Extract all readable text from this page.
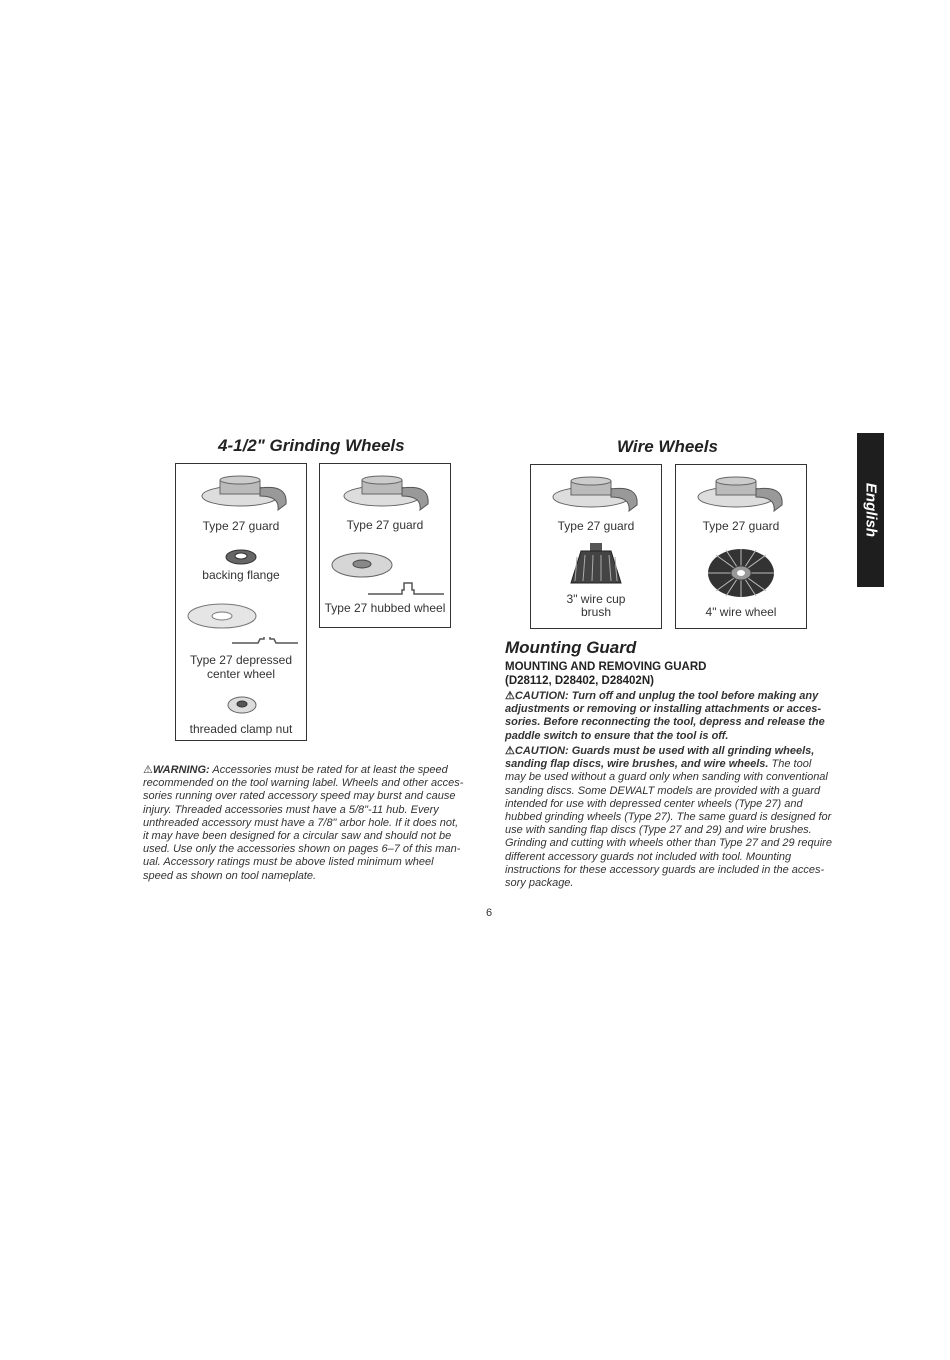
4-1/2" Grinding Wheels	Wire Wheels
English
Type 27 guard
backing flange
Type 27 depressed
center wheel
threaded clamp nut
Type 27 guard
Type 27 hubbed wheel
Type 27 guard
3" wire cup
brush
Type 27 guard
4" wire wheel
⚠WARNING: Accessories must be rated for at least the speed
recommended on the tool warning label. Wheels and other acces-
sories running over rated accessory speed may burst and cause
injury. Threaded accessories must have a 5/8"-11 hub. Every
unthreaded accessory must have a 7/8" arbor hole. If it does not,
it may have been designed for a circular saw and should not be
used. Use only the accessories shown on pages 6–7 of this man-
ual. Accessory ratings must be above listed minimum wheel
speed as shown on tool nameplate.
Mounting Guard
MOUNTING AND REMOVING GUARD
(D28112, D28402, D28402N)
⚠CAUTION: Turn off and unplug the tool before making any
adjustments or removing or installing attachments or acces-
sories. Before reconnecting the tool, depress and release the
paddle switch to ensure that the tool is off.
⚠CAUTION: Guards must be used with all grinding wheels,
sanding flap discs, wire brushes, and wire wheels. The tool
may be used without a guard only when sanding with conventional
sanding discs. Some DEWALT models are provided with a guard
intended for use with depressed center wheels (Type 27) and
hubbed grinding wheels (Type 27). The same guard is designed for
use with sanding flap discs (Type 27 and 29) and wire brushes.
Grinding and cutting with wheels other than Type 27 and 29 require
different accessory guards not included with tool. Mounting
instructions for these accessory guards are included in the acces-
sory package.
6
